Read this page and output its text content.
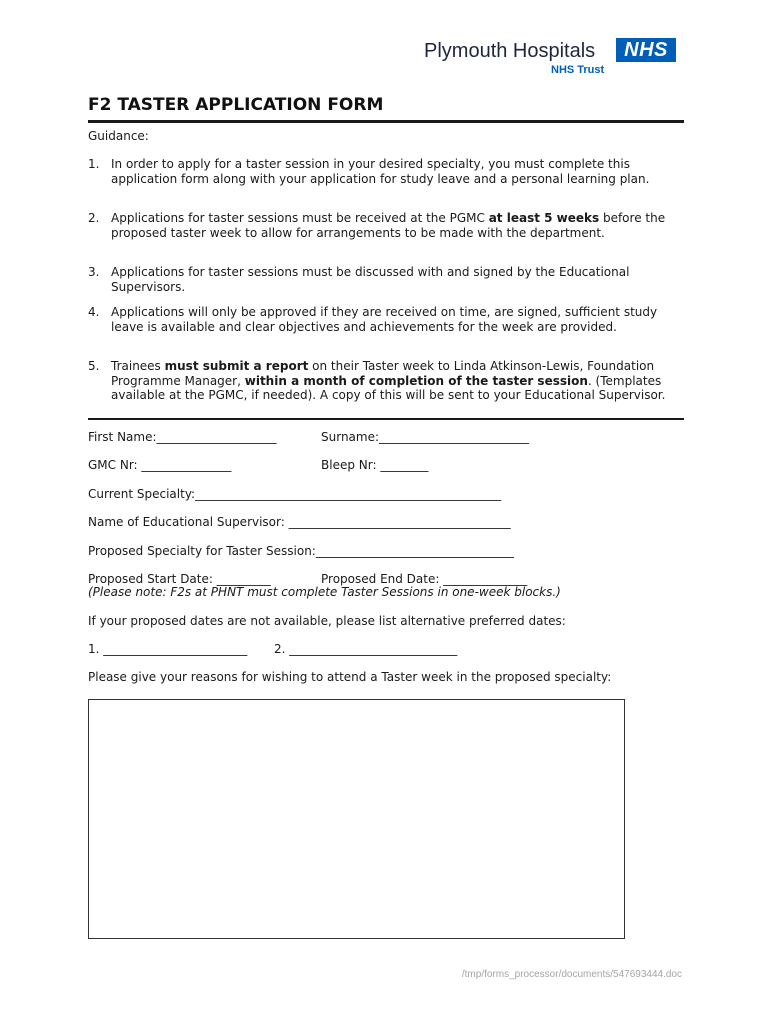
Plymouth Hospitals
NHS Trust
NHS
F2 TASTER APPLICATION FORM
Guidance:
1. In order to apply for a taster session in your desired specialty, you must complete this application form along with your application for study leave and a personal learning plan.
2. Applications for taster sessions must be received at the PGMC at least 5 weeks before the proposed taster week to allow for arrangements to be made with the department.
3. Applications for taster sessions must be discussed with and signed by the Educational Supervisors.
4. Applications will only be approved if they are received on time, are signed, sufficient study leave is available and clear objectives and achievements for the week are provided.
5. Trainees must submit a report on their Taster week to Linda Atkinson-Lewis, Foundation Programme Manager, within a month of completion of the taster session. (Templates available at the PGMC, if needed). A copy of this will be sent to your Educational Supervisor.
First Name:____________________	Surname:_________________________
GMC Nr: _______________	Bleep Nr: ________
Current Specialty:___________________________________________________
Name of Educational Supervisor: _____________________________________
Proposed Specialty for Taster Session:_________________________________
Proposed Start Date: _________	Proposed End Date: ______________
(Please note: F2s at PHNT must complete Taster Sessions in one-week blocks.)
If your proposed dates are not available, please list alternative preferred dates:
1. ________________________ 2. ____________________________
Please give your reasons for wishing to attend a Taster week in the proposed specialty:
/tmp/forms_processor/documents/547693444.doc
